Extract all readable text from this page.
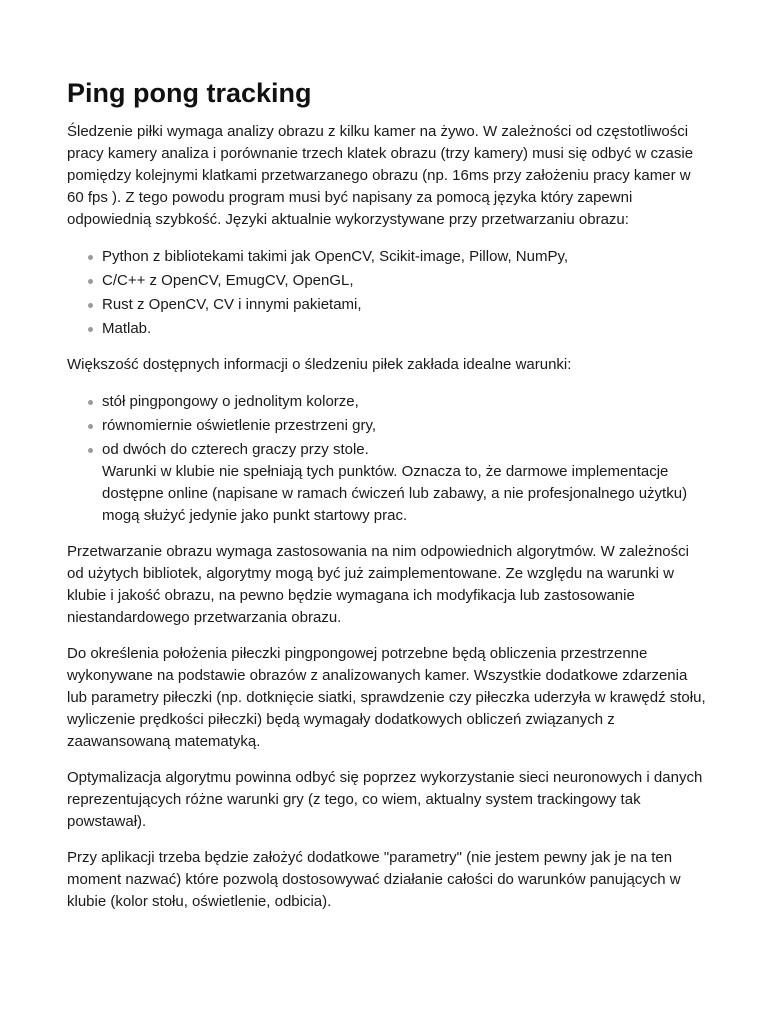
Ping pong tracking

Śledzenie piłki wymaga analizy obrazu z kilku kamer na żywo. W zależności od częstotliwości pracy kamery analiza i porównanie trzech klatek obrazu (trzy kamery) musi się odbyć w czasie pomiędzy kolejnymi klatkami przetwarzanego obrazu (np. 16ms przy założeniu pracy kamer w 60 fps ). Z tego powodu program musi być napisany za pomocą języka który zapewni odpowiednią szybkość. Języki aktualnie wykorzystywane przy przetwarzaniu obrazu:

Python z bibliotekami takimi jak OpenCV, Scikit-image, Pillow, NumPy,
C/C++ z OpenCV, EmugCV, OpenGL,
Rust z OpenCV, CV i innymi pakietami,
Matlab.

Większość dostępnych informacji o śledzeniu piłek zakłada idealne warunki:

stół pingpongowy o jednolitym kolorze,
równomiernie oświetlenie przestrzeni gry,
od dwóch do czterech graczy przy stole.
Warunki w klubie nie spełniają tych punktów. Oznacza to, że darmowe implementacje dostępne online (napisane w ramach ćwiczeń lub zabawy, a nie profesjonalnego użytku) mogą służyć jedynie jako punkt startowy prac.

Przetwarzanie obrazu wymaga zastosowania na nim odpowiednich algorytmów. W zależności od użytych bibliotek, algorytmy mogą być już zaimplementowane. Ze względu na warunki w klubie i jakość obrazu, na pewno będzie wymagana ich modyfikacja lub zastosowanie niestandardowego przetwarzania obrazu.

Do określenia położenia piłeczki pingpongowej potrzebne będą obliczenia przestrzenne wykonywane na podstawie obrazów z analizowanych kamer. Wszystkie dodatkowe zdarzenia lub parametry piłeczki (np. dotknięcie siatki, sprawdzenie czy piłeczka uderzyła w krawędź stołu, wyliczenie prędkości piłeczki) będą wymagały dodatkowych obliczeń związanych z zaawansowaną matematyką.

Optymalizacja algorytmu powinna odbyć się poprzez wykorzystanie sieci neuronowych i danych reprezentujących różne warunki gry (z tego, co wiem, aktualny system trackingowy tak powstawał).

Przy aplikacji trzeba będzie założyć dodatkowe "parametry" (nie jestem pewny jak je na ten moment nazwać) które pozwolą dostosowywać działanie całości do warunków panujących w klubie (kolor stołu, oświetlenie, odbicia).
